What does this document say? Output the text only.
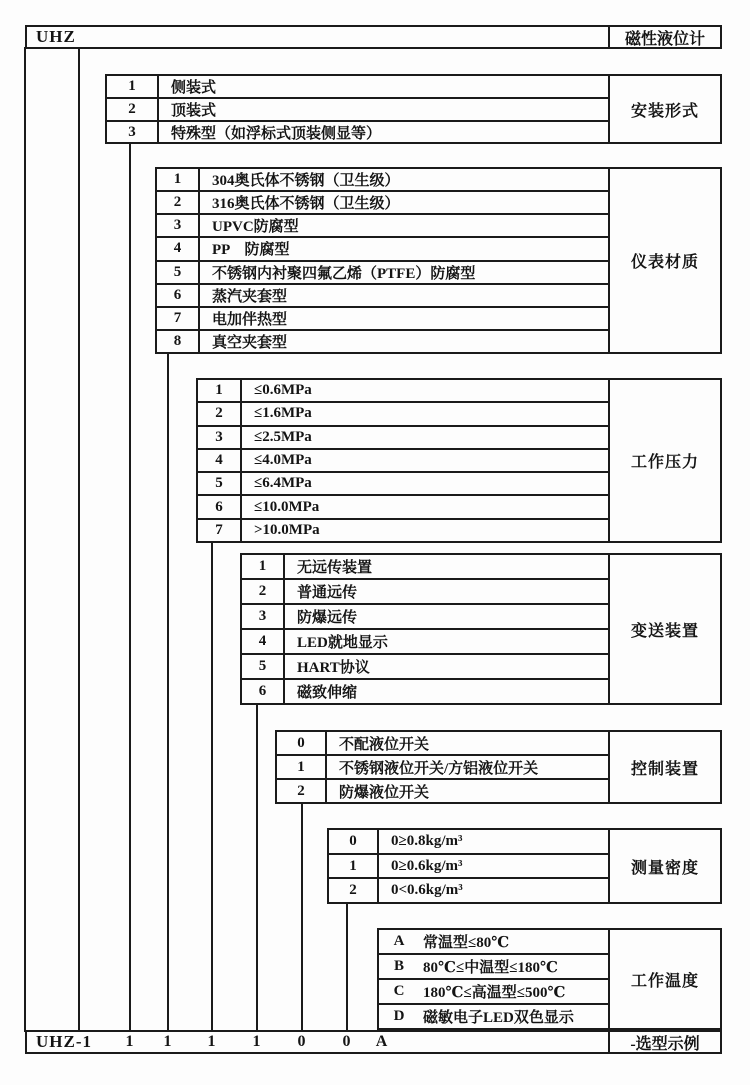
UHZ	磁性液位计
1	侧装式
2	顶装式
3	特殊型（如浮标式顶装侧显等）
安装形式
1	304奥氏体不锈钢（卫生级）
2	316奥氏体不锈钢（卫生级）
3	UPVC防腐型
4	PP　防腐型
5	不锈钢内衬聚四氟乙烯（PTFE）防腐型
6	蒸汽夹套型
7	电加伴热型
8	真空夹套型
仪表材质
1	≤0.6MPa
2	≤1.6MPa
3	≤2.5MPa
4	≤4.0MPa
5	≤6.4MPa
6	≤10.0MPa
7	>10.0MPa
工作压力
1	无远传装置
2	普通远传
3	防爆远传
4	LED就地显示
5	HART协议
6	磁致伸缩
变送装置
0	不配液位开关
1	不锈钢液位开关/方铝液位开关
2	防爆液位开关
控制装置
0	0≥0.8kg/m³
1	0≥0.6kg/m³
2	0<0.6kg/m³
测量密度
A	常温型≤80℃
B	80℃≤中温型≤180℃
C	180℃≤高温型≤500℃
D	磁敏电子LED双色显示
工作温度
UHZ-1 1 1 1 1 0 0 A	-选型示例
